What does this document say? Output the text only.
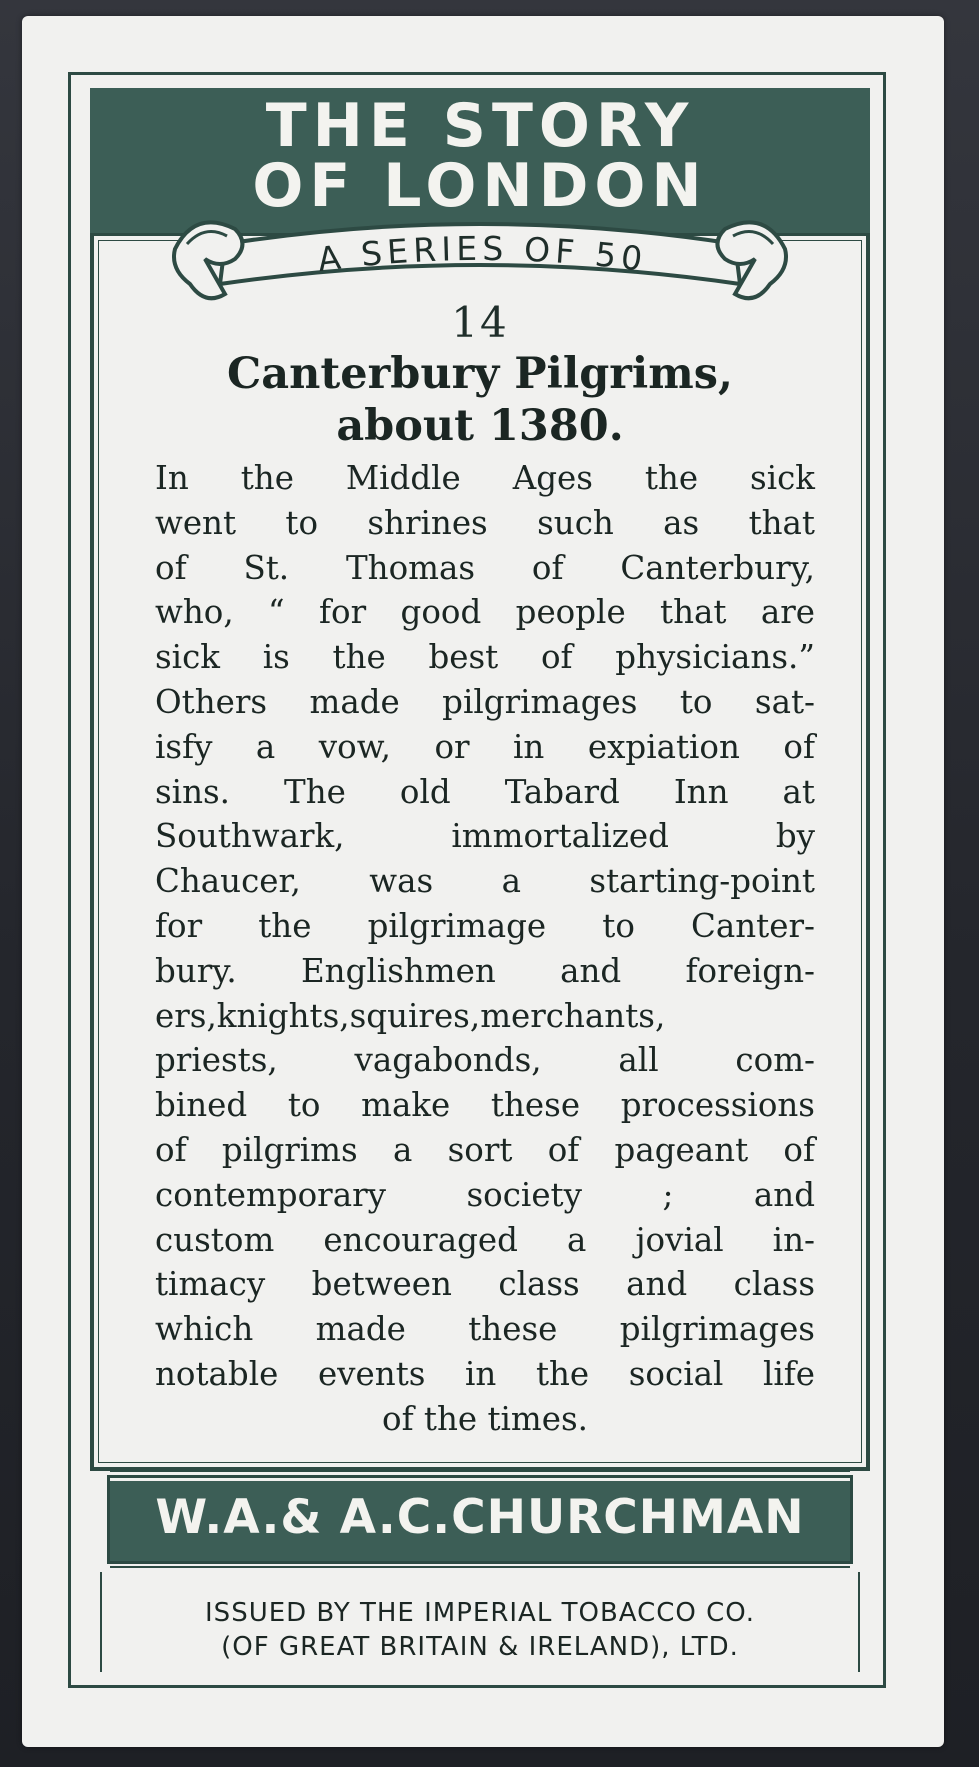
THE STORY
OF LONDON
A SERIES OF 50
14
Canterbury Pilgrims,
about 1380.
In the Middle Ages the sick
went to shrines such as that
of St. Thomas of Canterbury,
who, “ for good people that are
sick is the best of physicians.”
Others made pilgrimages to sat-
isfy a vow, or in expiation of
sins. The old Tabard Inn at
Southwark, immortalized by
Chaucer, was a starting-point
for the pilgrimage to Canter-
bury. Englishmen and foreign-
ers,knights,squires,merchants,
priests, vagabonds, all com-
bined to make these processions
of pilgrims a sort of pageant of
contemporary society ; and
custom encouraged a jovial in-
timacy between class and class
which made these pilgrimages
notable events in the social life
of the times.
W.A.& A.C.CHURCHMAN
ISSUED BY THE IMPERIAL TOBACCO CO.
(OF GREAT BRITAIN & IRELAND), LTD.
